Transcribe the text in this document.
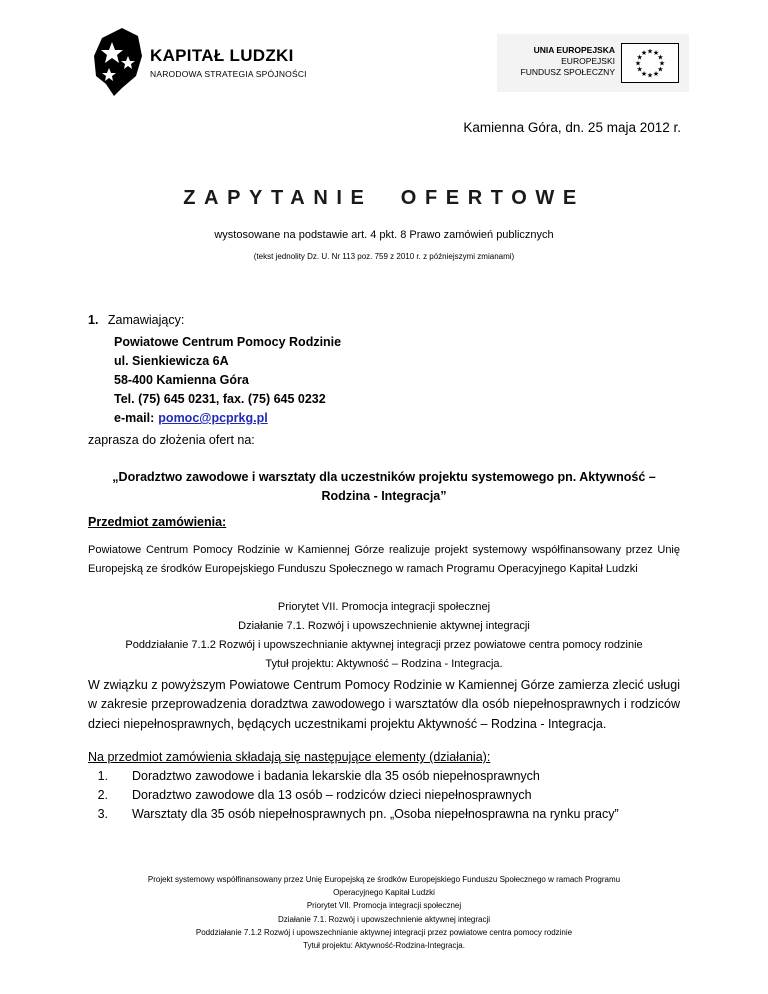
KAPITAŁ LUDZKI
NARODOWA STRATEGIA SPÓJNOŚCI
UNIA EUROPEJSKA
EUROPEJSKI
FUNDUSZ SPOŁECZNY
★
★
★
★
★
★
★
★
★ ★ ★
★
Kamienna Góra, dn. 25 maja 2012 r.
ZAPYTANIE  OFERTOWE
wystosowane na podstawie art. 4 pkt. 8 Prawo zamówień publicznych
(tekst jednolity Dz. U. Nr 113 poz. 759 z 2010 r. z późniejszymi zmianami)
1. Zamawiający:
Powiatowe Centrum Pomocy Rodzinie
ul. Sienkiewicza 6A
58-400 Kamienna Góra
Tel. (75) 645 0231, fax. (75) 645 0232
e-mail: pomoc@pcprkg.pl
zaprasza do złożenia ofert na:
„Doradztwo zawodowe i warsztaty dla uczestników projektu systemowego pn. Aktywność –
Rodzina - Integracja”
Przedmiot zamówienia:
Powiatowe Centrum Pomocy Rodzinie w Kamiennej Górze realizuje projekt systemowy współfinansowany przez Unię Europejską ze środków Europejskiego Funduszu Społecznego w ramach Programu Operacyjnego Kapitał Ludzki
Priorytet VII. Promocja integracji społecznej
Działanie 7.1. Rozwój i upowszechnienie aktywnej integracji
Poddziałanie 7.1.2 Rozwój i upowszechnianie aktywnej integracji przez powiatowe centra pomocy rodzinie
Tytuł projektu: Aktywność – Rodzina - Integracja.
W związku z powyższym Powiatowe Centrum Pomocy Rodzinie w Kamiennej Górze zamierza zlecić usługi w zakresie przeprowadzenia doradztwa zawodowego i warsztatów dla osób niepełnosprawnych i rodziców dzieci niepełnosprawnych, będących uczestnikami projektu Aktywność – Rodzina - Integracja.
Na przedmiot zamówienia składają się następujące elementy (działania):
1. Doradztwo zawodowe i badania lekarskie dla 35 osób niepełnosprawnych
2. Doradztwo zawodowe dla 13 osób – rodziców dzieci niepełnosprawnych
3. Warsztaty dla 35 osób niepełnosprawnych pn. „Osoba niepełnosprawna na rynku pracy”
Projekt systemowy współfinansowany przez Unię Europejską ze środków Europejskiego Funduszu Społecznego w ramach Programu
Operacyjnego Kapitał Ludzki
Priorytet VII. Promocja integracji społecznej
Działanie 7.1. Rozwój i upowszechnienie aktywnej integracji
Poddziałanie 7.1.2 Rozwój i upowszechnianie aktywnej integracji przez powiatowe centra pomocy rodzinie
Tytuł projektu: Aktywność-Rodzina-Integracja.
